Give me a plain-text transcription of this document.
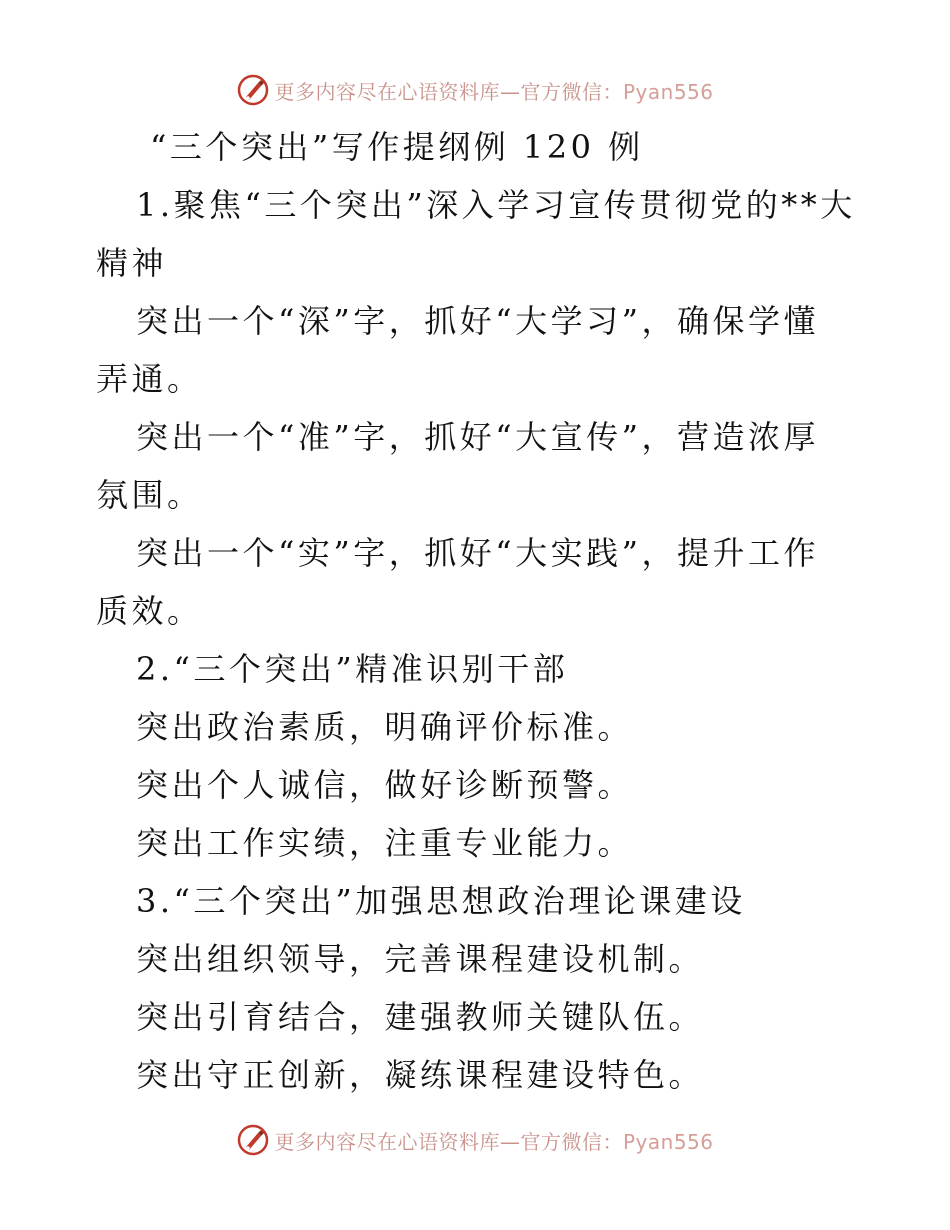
更多内容尽在心语资料库—官方微信：Pyan556
“三个突出”写作提纲例 120 例
1.聚焦“三个突出”深入学习宣传贯彻党的**大
精神
突出一个“深”字，抓好“大学习”，确保学懂
弄通。
突出一个“准”字，抓好“大宣传”，营造浓厚
氛围。
突出一个“实”字，抓好“大实践”，提升工作
质效。
2.“三个突出”精准识别干部
突出政治素质，明确评价标准。
突出个人诚信，做好诊断预警。
突出工作实绩，注重专业能力。
3.“三个突出”加强思想政治理论课建设
突出组织领导，完善课程建设机制。
突出引育结合，建强教师关键队伍。
突出守正创新，凝练课程建设特色。
更多内容尽在心语资料库—官方微信：Pyan556
